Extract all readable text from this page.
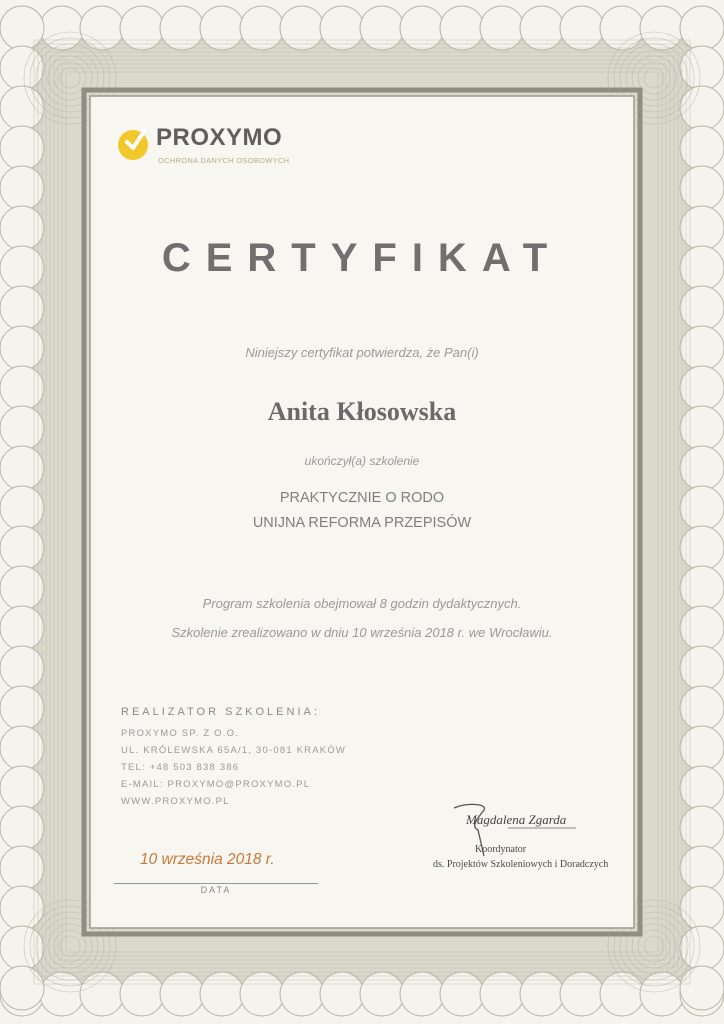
PROXYMO
OCHRONA DANYCH OSOBOWYCH
CERTYFIKAT

Niniejszy certyfikat potwierdza, że Pan(i)

Anita Kłosowska

ukończył(a) szkolenie

PRAKTYCZNIE O RODO
UNIJNA REFORMA PRZEPISÓW

Program szkolenia obejmował 8 godzin dydaktycznych.

Szkolenie zrealizowano w dniu 10 września 2018 r. we Wrocławiu.

REALIZATOR SZKOLENIA:
PROXYMO SP. Z O.O.
UL. KRÓLEWSKA 65A/1, 30-081 KRAKÓW
TEL: +48 503 838 386
E-MAIL: PROXYMO@PROXYMO.PL
WWW.PROXYMO.PL
10 września 2018 r.
DATA
Magdalena Zgarda
Koordynator
ds. Projektów Szkoleniowych i Doradczych
